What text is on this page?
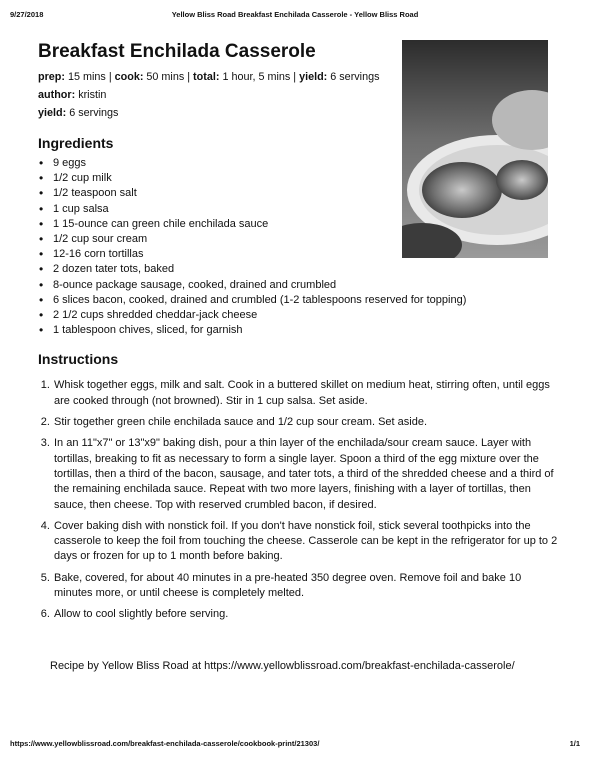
9/27/2018	Yellow Bliss Road Breakfast Enchilada Casserole - Yellow Bliss Road
Breakfast Enchilada Casserole
prep: 15 mins | cook: 50 mins | total: 1 hour, 5 mins | yield: 6 servings
author: kristin
yield: 6 servings
Ingredients
• 9 eggs
• 1/2 cup milk
• 1/2 teaspoon salt
• 1 cup salsa
• 1 15-ounce can green chile enchilada sauce
• 1/2 cup sour cream
• 12-16 corn tortillas
• 2 dozen tater tots, baked
• 8-ounce package sausage, cooked, drained and crumbled
• 6 slices bacon, cooked, drained and crumbled (1-2 tablespoons reserved for topping)
• 2 1/2 cups shredded cheddar-jack cheese
• 1 tablespoon chives, sliced, for garnish
Instructions
1. Whisk together eggs, milk and salt. Cook in a buttered skillet on medium heat, stirring often, until eggs are cooked through (not browned). Stir in 1 cup salsa. Set aside.
2. Stir together green chile enchilada sauce and 1/2 cup sour cream. Set aside.
3. In an 11"x7" or 13"x9" baking dish, pour a thin layer of the enchilada/sour cream sauce. Layer with tortillas, breaking to fit as necessary to form a single layer. Spoon a third of the egg mixture over the tortillas, then a third of the bacon, sausage, and tater tots, a third of the shredded cheese and a third of the remaining enchilada sauce. Repeat with two more layers, finishing with a layer of tortillas, then sauce, then cheese. Top with reserved crumbled bacon, if desired.
4. Cover baking dish with nonstick foil. If you don't have nonstick foil, stick several toothpicks into the casserole to keep the foil from touching the cheese. Casserole can be kept in the refrigerator for up to 2 days or frozen for up to 1 month before baking.
5. Bake, covered, for about 40 minutes in a pre-heated 350 degree oven. Remove foil and bake 10 minutes more, or until cheese is completely melted.
6. Allow to cool slightly before serving.
Recipe by Yellow Bliss Road at https://www.yellowblissroad.com/breakfast-enchilada-casserole/
https://www.yellowblissroad.com/breakfast-enchilada-casserole/cookbook-print/21303/	1/1
